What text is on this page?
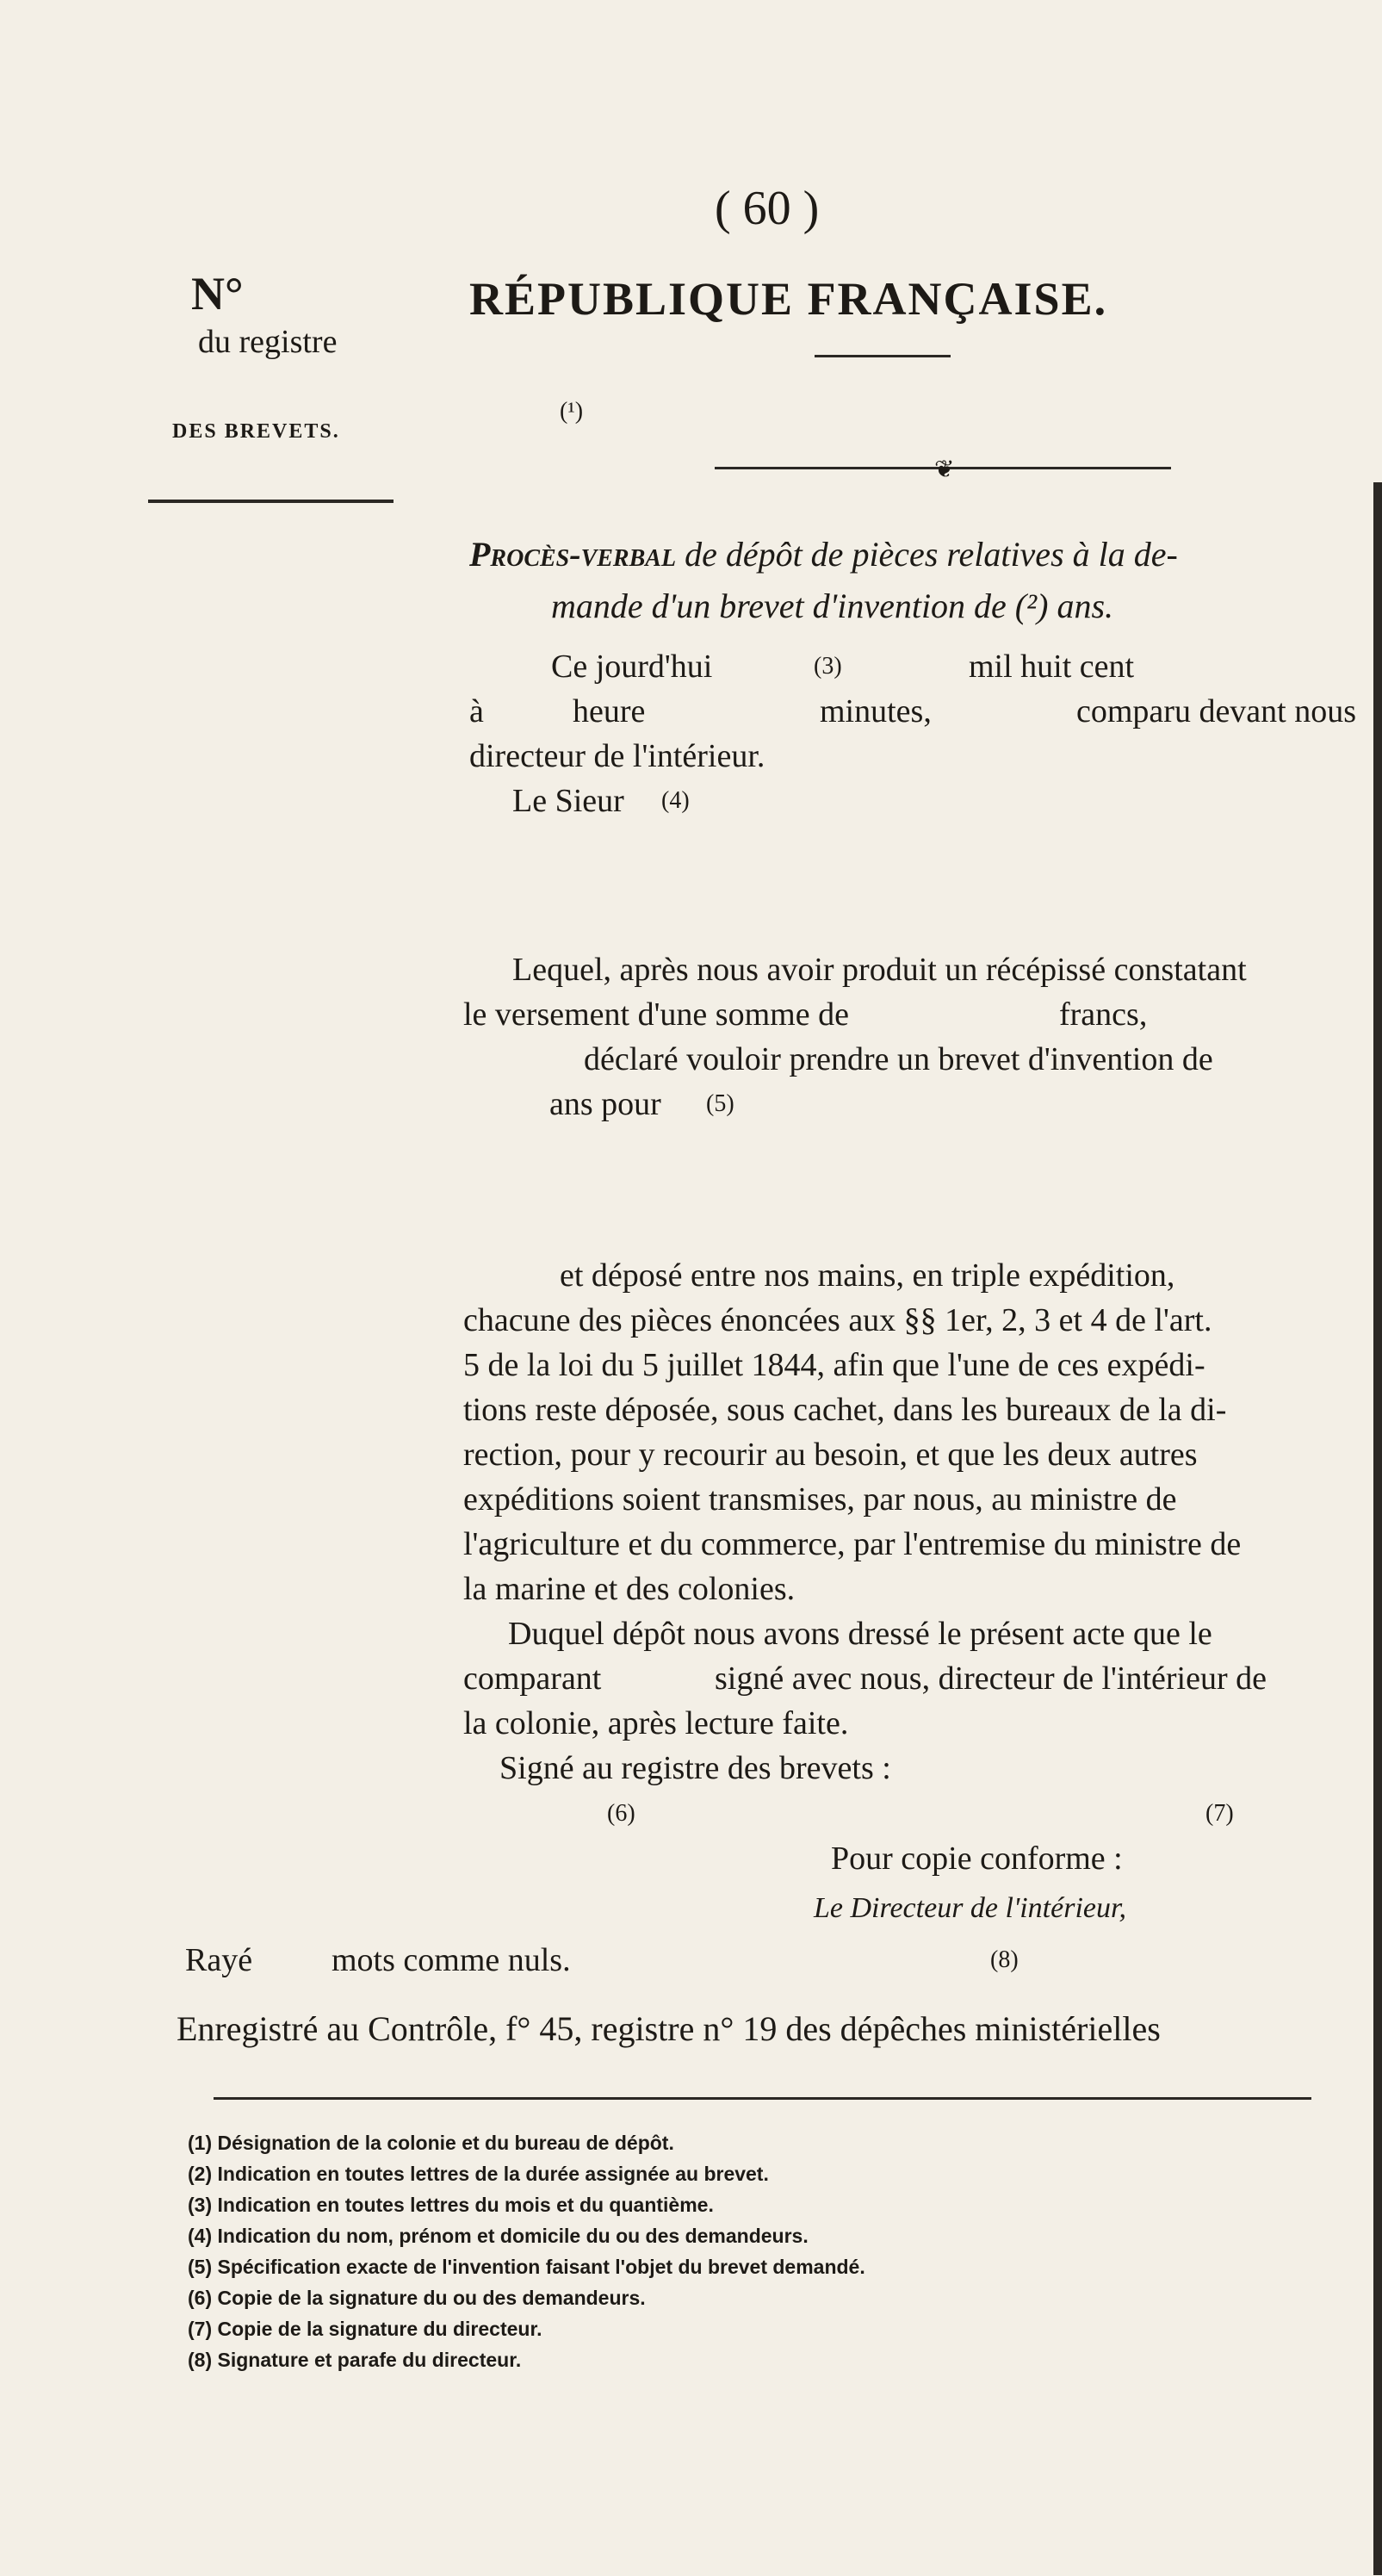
( 60 )
N°
du registre
DES BREVETS.
RÉPUBLIQUE FRANÇAISE.
(¹)
❦
Procès-verbal de dépôt de pièces relatives à la de-
mande d'un brevet d'invention de (²) ans.
Ce jourd'hui	(3)	mil huit cent
à	heure	minutes,	comparu devant nous
directeur de l'intérieur.
Le Sieur (4)
Lequel, après nous avoir produit un récépissé constatant
le versement d'une somme de	francs,
déclaré vouloir prendre un brevet d'invention de
ans pour (5)
et déposé entre nos mains, en triple expédition,
chacune des pièces énoncées aux §§ 1er, 2, 3 et 4 de l'art.
5 de la loi du 5 juillet 1844, afin que l'une de ces expédi-
tions reste déposée, sous cachet, dans les bureaux de la di-
rection, pour y recourir au besoin, et que les deux autres
expéditions soient transmises, par nous, au ministre de
l'agriculture et du commerce, par l'entremise du ministre de
la marine et des colonies.
Duquel dépôt nous avons dressé le présent acte que le
comparant	signé avec nous, directeur de l'intérieur de
la colonie, après lecture faite.
Signé au registre des brevets :
(6)	(7)
Pour copie conforme :
Le Directeur de l'intérieur,
Rayé mots comme nuls.	(8)
Enregistré au Contrôle, f° 45, registre n° 19 des dépêches ministérielles
(1) Désignation de la colonie et du bureau de dépôt.
(2) Indication en toutes lettres de la durée assignée au brevet.
(3) Indication en toutes lettres du mois et du quantième.
(4) Indication du nom, prénom et domicile du ou des demandeurs.
(5) Spécification exacte de l'invention faisant l'objet du brevet demandé.
(6) Copie de la signature du ou des demandeurs.
(7) Copie de la signature du directeur.
(8) Signature et parafe du directeur.
